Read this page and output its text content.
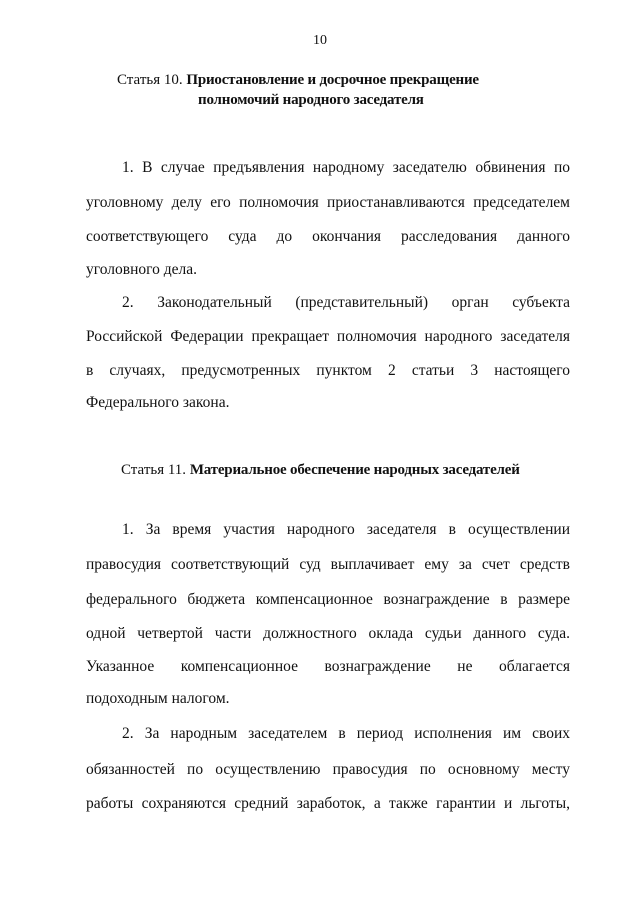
10
Статья 10. Приостановление и досрочное прекращение
полномочий народного заседателя
1. В случае предъявления народному заседателю обвинения по
уголовному делу его полномочия приостанавливаются председателем
соответствующего суда до окончания расследования данного
уголовного дела.
2. Законодательный (представительный) орган субъекта
Российской Федерации прекращает полномочия народного заседателя
в случаях, предусмотренных пунктом 2 статьи 3 настоящего
Федерального закона.
Статья 11. Материальное обеспечение народных заседателей
1. За время участия народного заседателя в осуществлении
правосудия соответствующий суд выплачивает ему за счет средств
федерального бюджета компенсационное вознаграждение в размере
одной четвертой части должностного оклада судьи данного суда.
Указанное компенсационное вознаграждение не облагается
подоходным налогом.
2. За народным заседателем в период исполнения им своих
обязанностей по осуществлению правосудия по основному месту
работы сохраняются средний заработок, а также гарантии и льготы,
